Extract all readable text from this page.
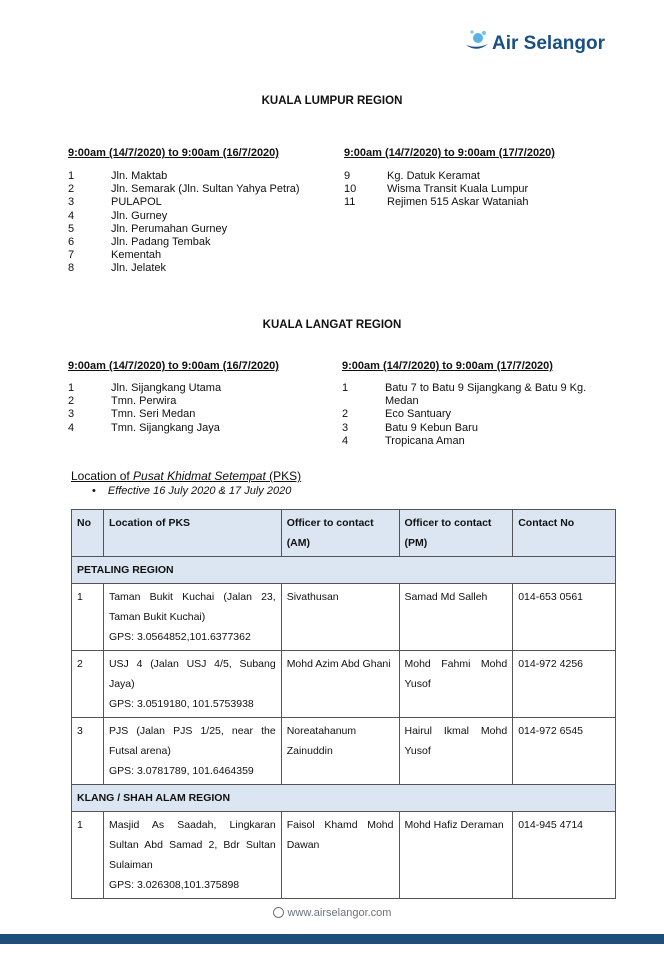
Air Selangor
KUALA LUMPUR REGION
9:00am (14/7/2020) to 9:00am (16/7/2020)	9:00am (14/7/2020) to 9:00am (17/7/2020)
1	Jln. Maktab
2	Jln. Semarak (Jln. Sultan Yahya Petra)
3	PULAPOL
4	Jln. Gurney
5	Jln. Perumahan Gurney
6	Jln. Padang Tembak
7	Kementah
8	Jln. Jelatek
9	Kg. Datuk Keramat
10	Wisma Transit Kuala Lumpur
11	Rejimen 515 Askar Wataniah
KUALA LANGAT REGION
9:00am (14/7/2020) to 9:00am (16/7/2020)	9:00am (14/7/2020) to 9:00am (17/7/2020)
1	Jln. Sijangkang Utama
2	Tmn. Perwira
3	Tmn. Seri Medan
4	Tmn. Sijangkang Jaya
1	Batu 7 to Batu 9 Sijangkang & Batu 9 Kg. Medan
2	Eco Santuary
3	Batu 9 Kebun Baru
4	Tropicana Aman
Location of Pusat Khidmat Setempat (PKS)
• Effective 16 July 2020 & 17 July 2020
No	Location of PKS	Officer to contact (AM)	Officer to contact (PM)	Contact No
PETALING REGION				
1	Taman Bukit Kuchai (Jalan 23, Taman Bukit Kuchai)
GPS: 3.0564852,101.6377362	Sivathusan	Samad Md Salleh	014-653 0561
2	USJ 4 (Jalan USJ 4/5, Subang Jaya)
GPS: 3.0519180, 101.5753938	Mohd Azim Abd Ghani	Mohd Fahmi Mohd Yusof	014-972 4256
3	PJS (Jalan PJS 1/25, near the Futsal arena)
GPS: 3.0781789, 101.6464359	Noreatahanum Zainuddin	Hairul Ikmal Mohd Yusof	014-972 6545
KLANG / SHAH ALAM REGION				
1	Masjid As Saadah, Lingkaran Sultan Abd Samad 2, Bdr Sultan Sulaiman
GPS: 3.026308,101.375898	Faisol Khamd Mohd Dawan	Mohd Hafiz Deraman	014-945 4714
www.airselangor.com
